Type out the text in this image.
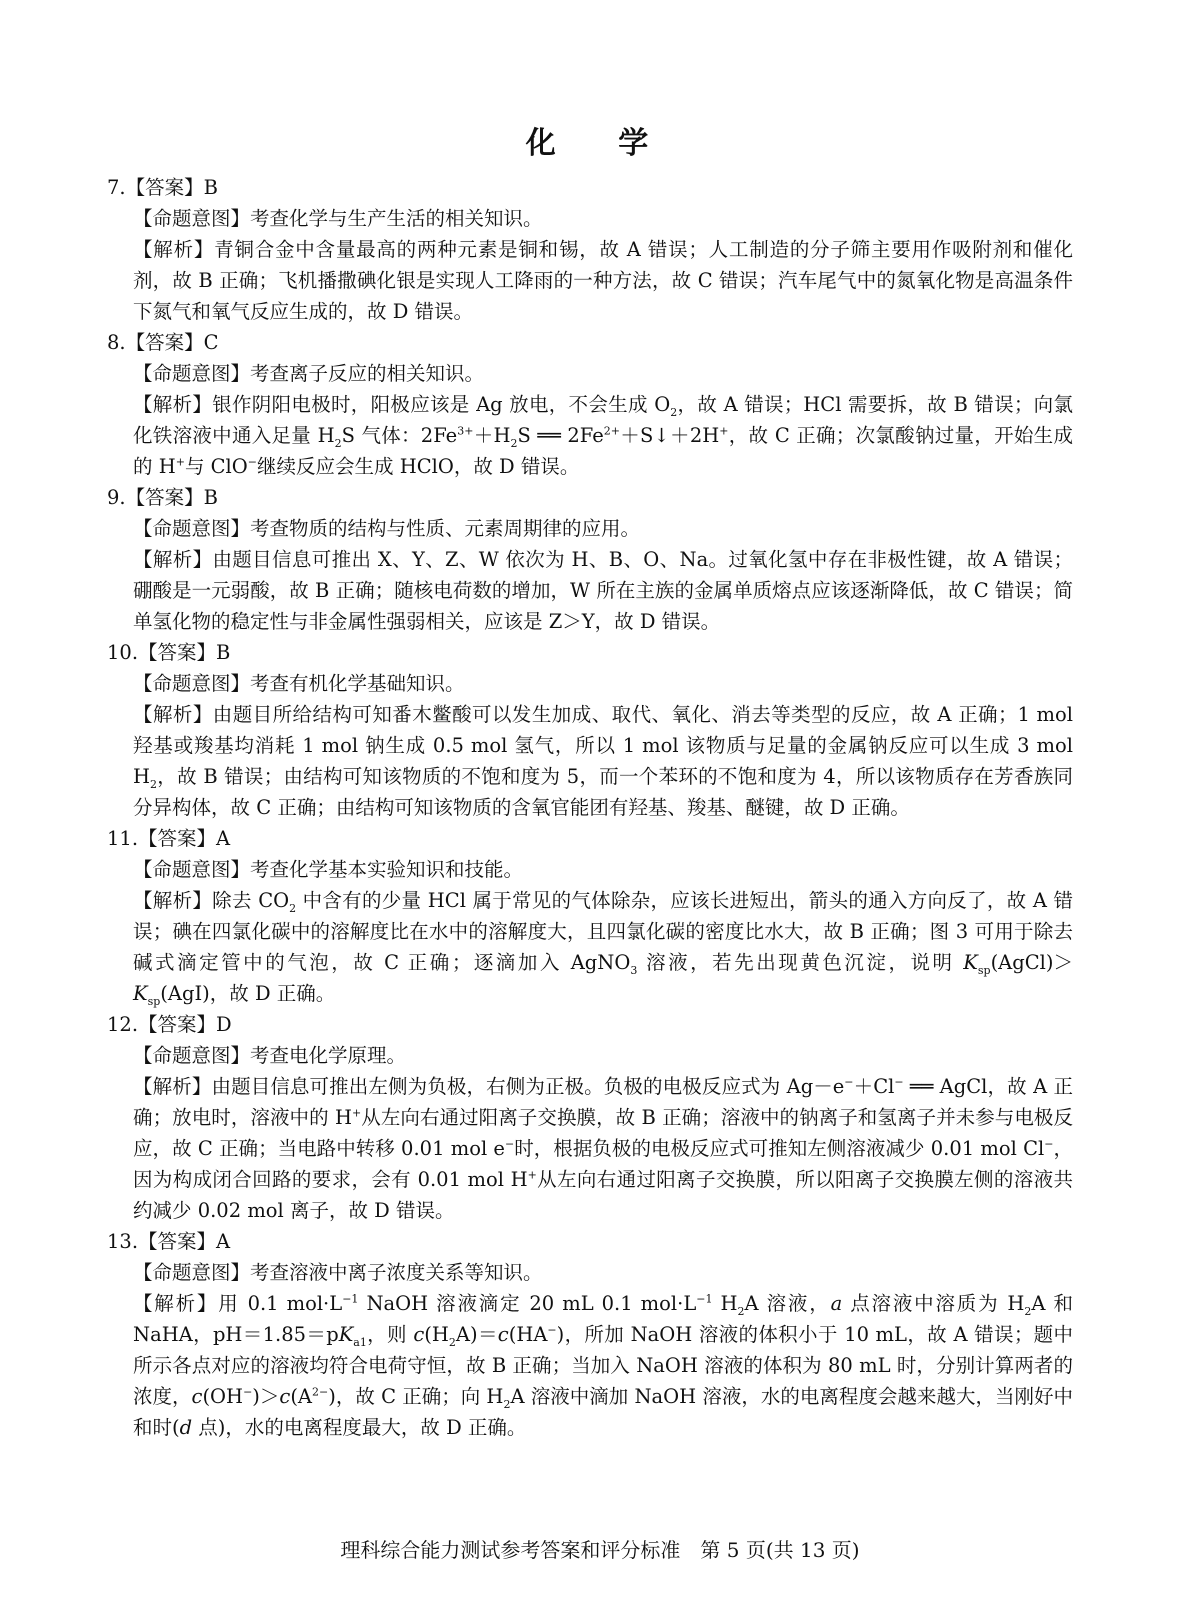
化 学
7.【答案】B
【命题意图】考查化学与生产生活的相关知识。
【解析】青铜合金中含量最高的两种元素是铜和锡，故 A 错误；人工制造的分子筛主要用作吸附剂和催化剂，故 B 正确；飞机播撒碘化银是实现人工降雨的一种方法，故 C 错误；汽车尾气中的氮氧化物是高温条件下氮气和氧气反应生成的，故 D 错误。
8.【答案】C
【命题意图】考查离子反应的相关知识。
【解析】银作阴阳电极时，阳极应该是 Ag 放电，不会生成 $O_2$，故 A 错误；HCl 需要拆，故 B 错误；向氯化铁溶液中通入足量 $H_2S$ 气体：$2Fe^{3+}+H_2S$ ══ $2Fe^{2+}+S↓+2H^+$，故 C 正确；次氯酸钠过量，开始生成的 H+与 ClO−继续反应会生成 HClO，故 D 错误。
9.【答案】B
【命题意图】考查物质的结构与性质、元素周期律的应用。
【解析】由题目信息可推出 X、Y、Z、W 依次为 H、B、O、Na。过氧化氢中存在非极性键，故 A 错误；硼酸是一元弱酸，故 B 正确；随核电荷数的增加，W 所在主族的金属单质熔点应该逐渐降低，故 C 错误；简单氢化物的稳定性与非金属性强弱相关，应该是 Z＞Y，故 D 错误。
10.【答案】B
【命题意图】考查有机化学基础知识。
【解析】由题目所给结构可知番木鳖酸可以发生加成、取代、氧化、消去等类型的反应，故 A 正确；1 mol 羟基或羧基均消耗 1 mol 钠生成 0.5 mol 氢气，所以 1 mol 该物质与足量的金属钠反应可以生成 3 mol $H_2$，故 B 错误；由结构可知该物质的不饱和度为 5，而一个苯环的不饱和度为 4，所以该物质存在芳香族同分异构体，故 C 正确；由结构可知该物质的含氧官能团有羟基、羧基、醚键，故 D 正确。
11.【答案】A
【命题意图】考查化学基本实验知识和技能。
【解析】除去 $CO_2$ 中含有的少量 HCl 属于常见的气体除杂，应该长进短出，箭头的通入方向反了，故 A 错误；碘在四氯化碳中的溶解度比在水中的溶解度大，且四氯化碳的密度比水大，故 B 正确；图 3 可用于除去碱式滴定管中的气泡，故 C 正确；逐滴加入 AgNO$_3$ 溶液，若先出现黄色沉淀，说明 $K_{sp}(AgCl)>K_{sp}(AgI)$，故 D 正确。
12.【答案】D
【命题意图】考查电化学原理。
【解析】由题目信息可推出左侧为负极，右侧为正极。负极的电极反应式为 Ag－e−＋Cl− ══ AgCl，故 A 正确；放电时，溶液中的 H+从左向右通过阳离子交换膜，故 B 正确；溶液中的钠离子和氢离子并未参与电极反应，故 C 正确；当电路中转移 0.01 mol e−时，根据负极的电极反应式可推知左侧溶液减少 0.01 mol Cl−，因为构成闭合回路的要求，会有 0.01 mol H+从左向右通过阳离子交换膜，所以阳离子交换膜左侧的溶液共约减少 0.02 mol 离子，故 D 错误。
13.【答案】A
【命题意图】考查溶液中离子浓度关系等知识。
【解析】用 0.1 $mol\cdot L^{-1}$ NaOH 溶液滴定 20 mL 0.1 $mol\cdot L^{-1}$ $H_2A$ 溶液，a 点溶液中溶质为 $H_2A$ 和 NaHA，$pH=1.85=pK_{a1}$，则 $c(H_2A)=c(HA^-)$，所加 NaOH 溶液的体积小于 10 mL，故 A 错误；题中所示各点对应的溶液均符合电荷守恒，故 B 正确；当加入 NaOH 溶液的体积为 80 mL 时，分别计算两者的浓度，$c(OH^-)>c(A^{2-})$，故 C 正确；向 $H_2A$ 溶液中滴加 NaOH 溶液，水的电离程度会越来越大，当刚好中和时(d 点)，水的电离程度最大，故 D 正确。
理科综合能力测试参考答案和评分标准　第 5 页(共 13 页)
